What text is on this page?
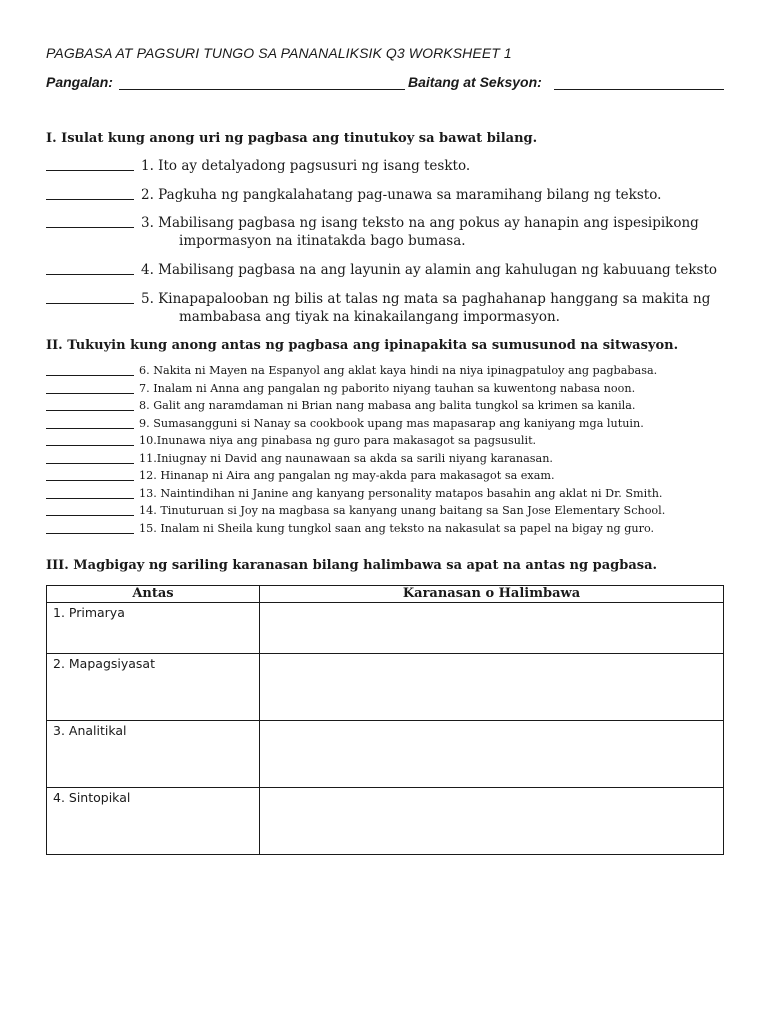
PAGBASA AT PAGSURI TUNGO SA PANANALIKSIK Q3 WORKSHEET 1
Pangalan:	Baitang at Seksyon:
I. Isulat kung anong uri ng pagbasa ang tinutukoy sa bawat bilang.
1. Ito ay detalyadong pagsusuri ng isang teskto.
2. Pagkuha ng pangkalahatang pag-unawa sa maramihang bilang ng teksto.
3. Mabilisang pagbasa ng isang teksto na ang pokus ay hanapin ang ispesipikong
impormasyon na itinatakda bago bumasa.
4. Mabilisang pagbasa na ang layunin ay alamin ang kahulugan ng kabuuang teksto
5. Kinapapalooban ng bilis at talas ng mata sa paghahanap hanggang sa makita ng
mambabasa ang tiyak na kinakailangang impormasyon.
II. Tukuyin kung anong antas ng pagbasa ang ipinapakita sa sumusunod na sitwasyon.
6. Nakita ni Mayen na Espanyol ang aklat kaya hindi na niya ipinagpatuloy ang pagbabasa.
7. Inalam ni Anna ang pangalan ng paborito niyang tauhan sa kuwentong nabasa noon.
8. Galit ang naramdaman ni Brian nang mabasa ang balita tungkol sa krimen sa kanila.
9. Sumasangguni si Nanay sa cookbook upang mas mapasarap ang kaniyang mga lutuin.
10.Inunawa niya ang pinabasa ng guro para makasagot sa pagsusulit.
11.Iniugnay ni David ang naunawaan sa akda sa sarili niyang karanasan.
12. Hinanap ni Aira ang pangalan ng may-akda para makasagot sa exam.
13. Naintindihan ni Janine ang kanyang personality matapos basahin ang aklat ni Dr. Smith.
14. Tinuturuan si Joy na magbasa sa kanyang unang baitang sa San Jose Elementary School.
15. Inalam ni Sheila kung tungkol saan ang teksto na nakasulat sa papel na bigay ng guro.
III. Magbigay ng sariling karanasan bilang halimbawa sa apat na antas ng pagbasa.
Antas	Karanasan o Halimbawa
1. Primarya	
2. Mapagsiyasat	
3. Analitikal	
4. Sintopikal	
